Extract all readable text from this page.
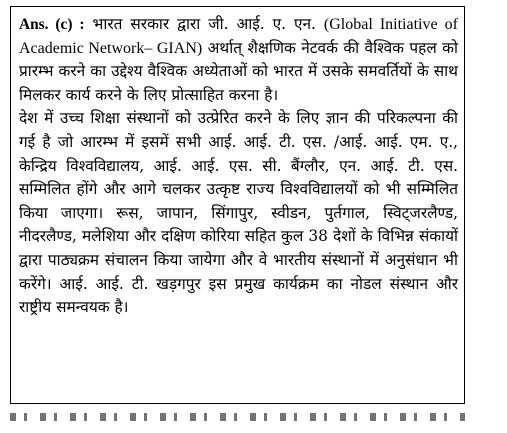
Ans. (c) : भारत सरकार द्वारा जी. आई. ए. एन. (Global Initiative of Academic Network– GIAN) अर्थात् शैक्षणिक नेटवर्क की वैश्विक पहल को प्रारम्भ करने का उद्देश्य वैश्विक अध्येताओं को भारत में उसके समवर्तियों के साथ मिलकर कार्य करने के लिए प्रोत्साहित करना है।

देश में उच्च शिक्षा संस्थानों को उत्प्रेरित करने के लिए ज्ञान की परिकल्पना की गई है जो आरम्भ में इसमें सभी आई. आई. टी. एस. /आई. आई. एम. ए., केन्द्रिय विश्वविद्यालय, आई. आई. एस. सी. बैंग्लौर, एन. आई. टी. एस. सम्मिलित होंगे और आगे चलकर उत्कृष्ट राज्य विश्वविद्यालयों को भी सम्मिलित किया जाएगा। रूस, जापान, सिंगापुर, स्वीडन, पुर्तगाल, स्विट्जरलैण्ड, नीदरलैण्ड, मलेशिया और दक्षिण कोरिया सहित कुल 38 देशों के विभिन्न संकायों द्वारा पाठ्यक्रम संचालन किया जायेगा और वे भारतीय संस्थानों में अनुसंधान भी करेंगे। आई. आई. टी. खड़गपुर इस प्रमुख कार्यक्रम का नोडल संस्थान और राष्ट्रीय समन्वयक है।
